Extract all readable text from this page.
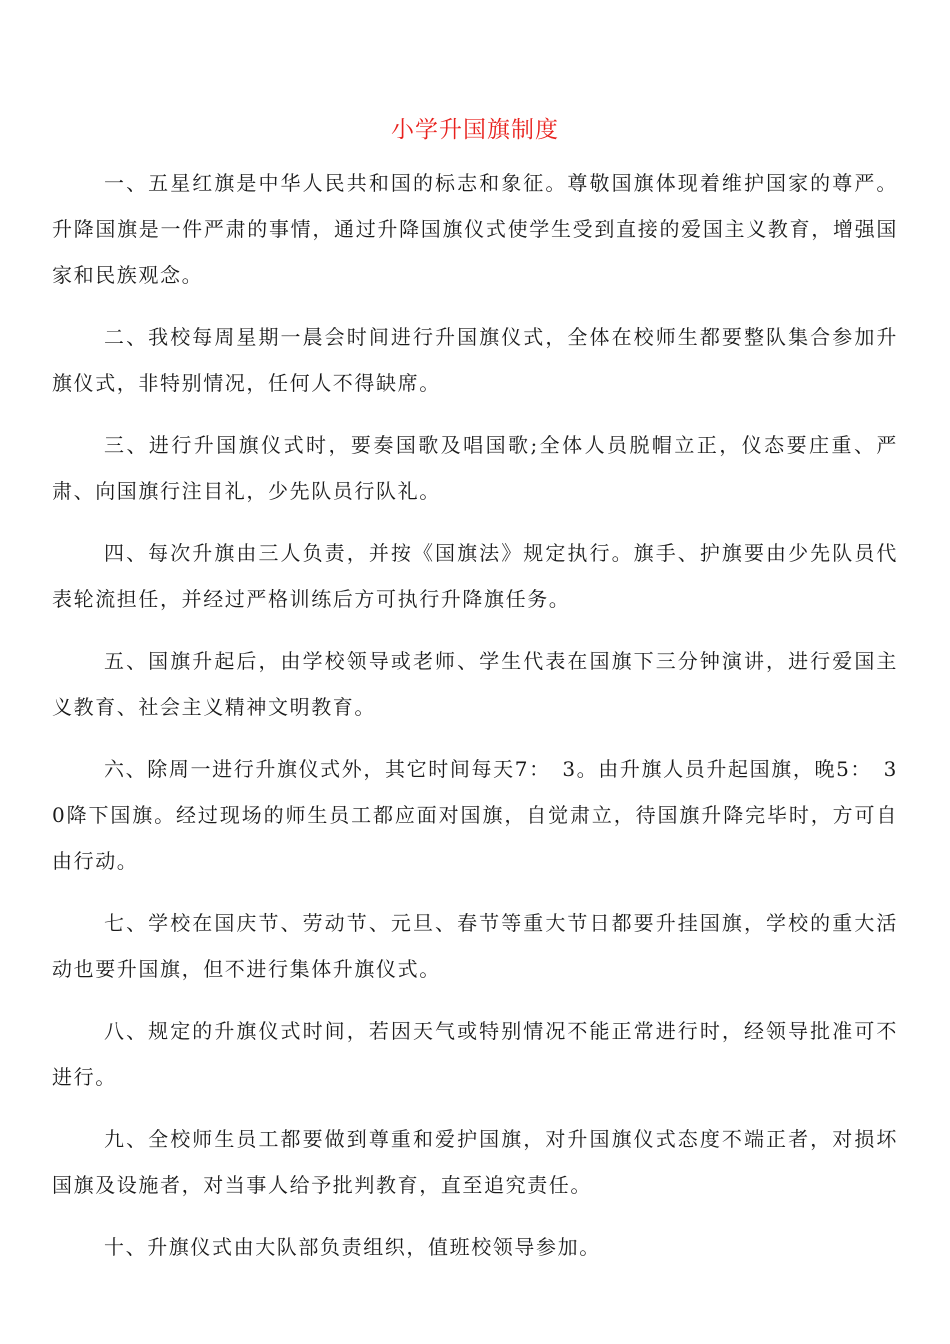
小学升国旗制度

一、五星红旗是中华人民共和国的标志和象征。尊敬国旗体现着维护国家的尊严。升降国旗是一件严肃的事情，通过升降国旗仪式使学生受到直接的爱国主义教育，增强国家和民族观念。

二、我校每周星期一晨会时间进行升国旗仪式，全体在校师生都要整队集合参加升旗仪式，非特别情况，任何人不得缺席。

三、进行升国旗仪式时，要奏国歌及唱国歌;全体人员脱帽立正，仪态要庄重、严肃、向国旗行注目礼，少先队员行队礼。

四、每次升旗由三人负责，并按《国旗法》规定执行。旗手、护旗要由少先队员代表轮流担任，并经过严格训练后方可执行升降旗任务。

五、国旗升起后，由学校领导或老师、学生代表在国旗下三分钟演讲，进行爱国主义教育、社会主义精神文明教育。

六、除周一进行升旗仪式外，其它时间每天7：　3。由升旗人员升起国旗，晚5：　30降下国旗。经过现场的师生员工都应面对国旗，自觉肃立，待国旗升降完毕时，方可自由行动。

七、学校在国庆节、劳动节、元旦、春节等重大节日都要升挂国旗，学校的重大活动也要升国旗，但不进行集体升旗仪式。

八、规定的升旗仪式时间，若因天气或特别情况不能正常进行时，经领导批准可不进行。

九、全校师生员工都要做到尊重和爱护国旗，对升国旗仪式态度不端正者，对损坏国旗及设施者，对当事人给予批判教育，直至追究责任。

十、升旗仪式由大队部负责组织，值班校领导参加。
